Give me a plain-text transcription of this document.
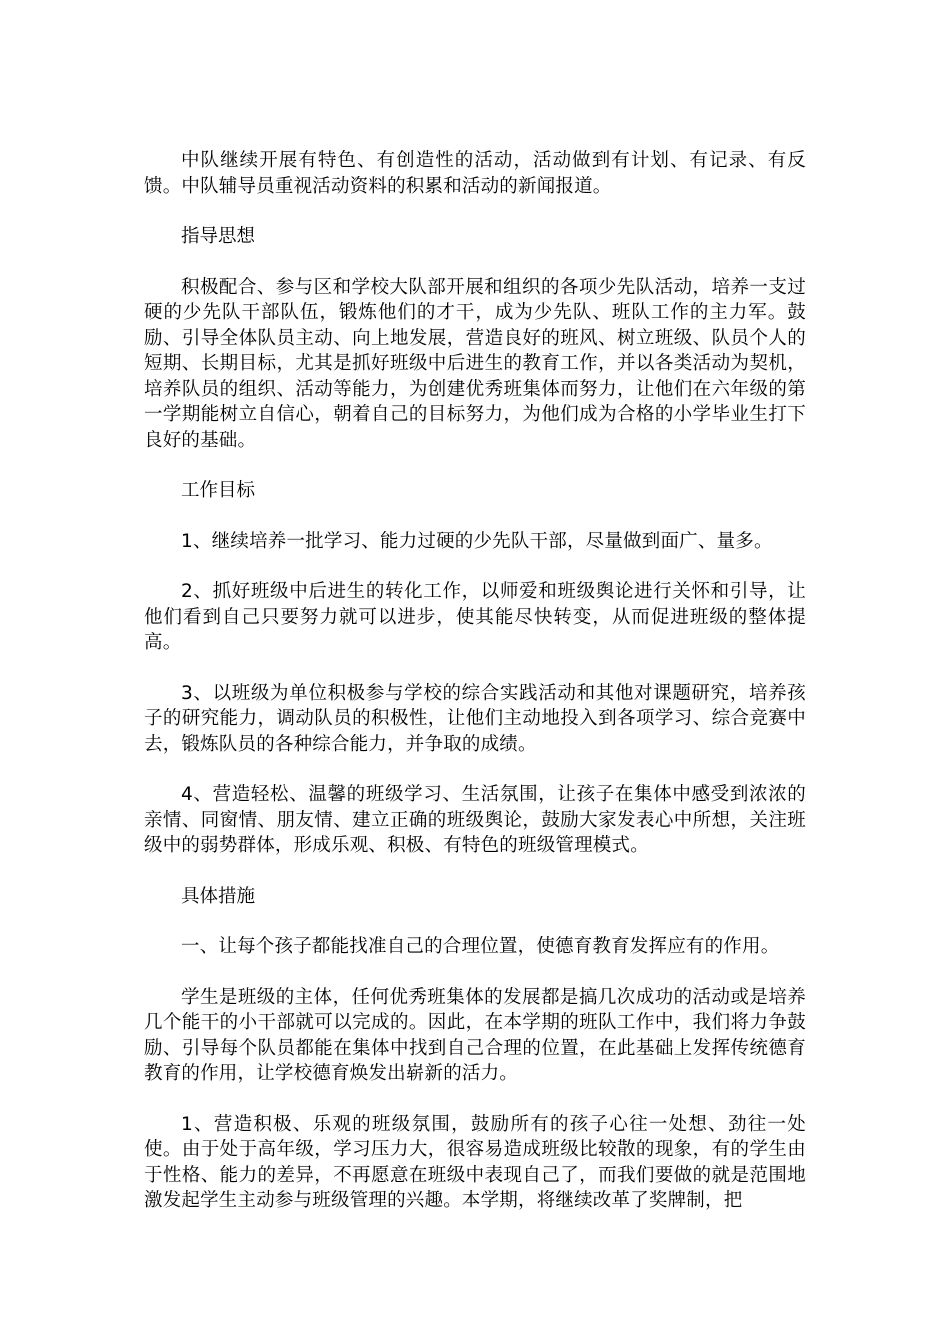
中队继续开展有特色、有创造性的活动，活动做到有计划、有记录、有反馈。中队辅导员重视活动资料的积累和活动的新闻报道。

指导思想

积极配合、参与区和学校大队部开展和组织的各项少先队活动，培养一支过硬的少先队干部队伍，锻炼他们的才干，成为少先队、班队工作的主力军。鼓励、引导全体队员主动、向上地发展，营造良好的班风、树立班级、队员个人的短期、长期目标，尤其是抓好班级中后进生的教育工作，并以各类活动为契机，培养队员的组织、活动等能力，为创建优秀班集体而努力，让他们在六年级的第一学期能树立自信心，朝着自己的目标努力，为他们成为合格的小学毕业生打下良好的基础。

工作目标

1、继续培养一批学习、能力过硬的少先队干部，尽量做到面广、量多。

2、抓好班级中后进生的转化工作，以师爱和班级舆论进行关怀和引导，让他们看到自己只要努力就可以进步，使其能尽快转变，从而促进班级的整体提高。

3、以班级为单位积极参与学校的综合实践活动和其他对课题研究，培养孩子的研究能力，调动队员的积极性，让他们主动地投入到各项学习、综合竞赛中去，锻炼队员的各种综合能力，并争取的成绩。

4、营造轻松、温馨的班级学习、生活氛围，让孩子在集体中感受到浓浓的亲情、同窗情、朋友情、建立正确的班级舆论，鼓励大家发表心中所想，关注班级中的弱势群体，形成乐观、积极、有特色的班级管理模式。

具体措施

一、让每个孩子都能找准自己的合理位置，使德育教育发挥应有的作用。

学生是班级的主体，任何优秀班集体的发展都是搞几次成功的活动或是培养几个能干的小干部就可以完成的。因此，在本学期的班队工作中，我们将力争鼓励、引导每个队员都能在集体中找到自己合理的位置，在此基础上发挥传统德育教育的作用，让学校德育焕发出崭新的活力。

1、营造积极、乐观的班级氛围，鼓励所有的孩子心往一处想、劲往一处使。由于处于高年级，学习压力大，很容易造成班级比较散的现象，有的学生由于性格、能力的差异，不再愿意在班级中表现自己了，而我们要做的就是范围地激发起学生主动参与班级管理的兴趣。本学期，将继续改革了奖牌制，把
